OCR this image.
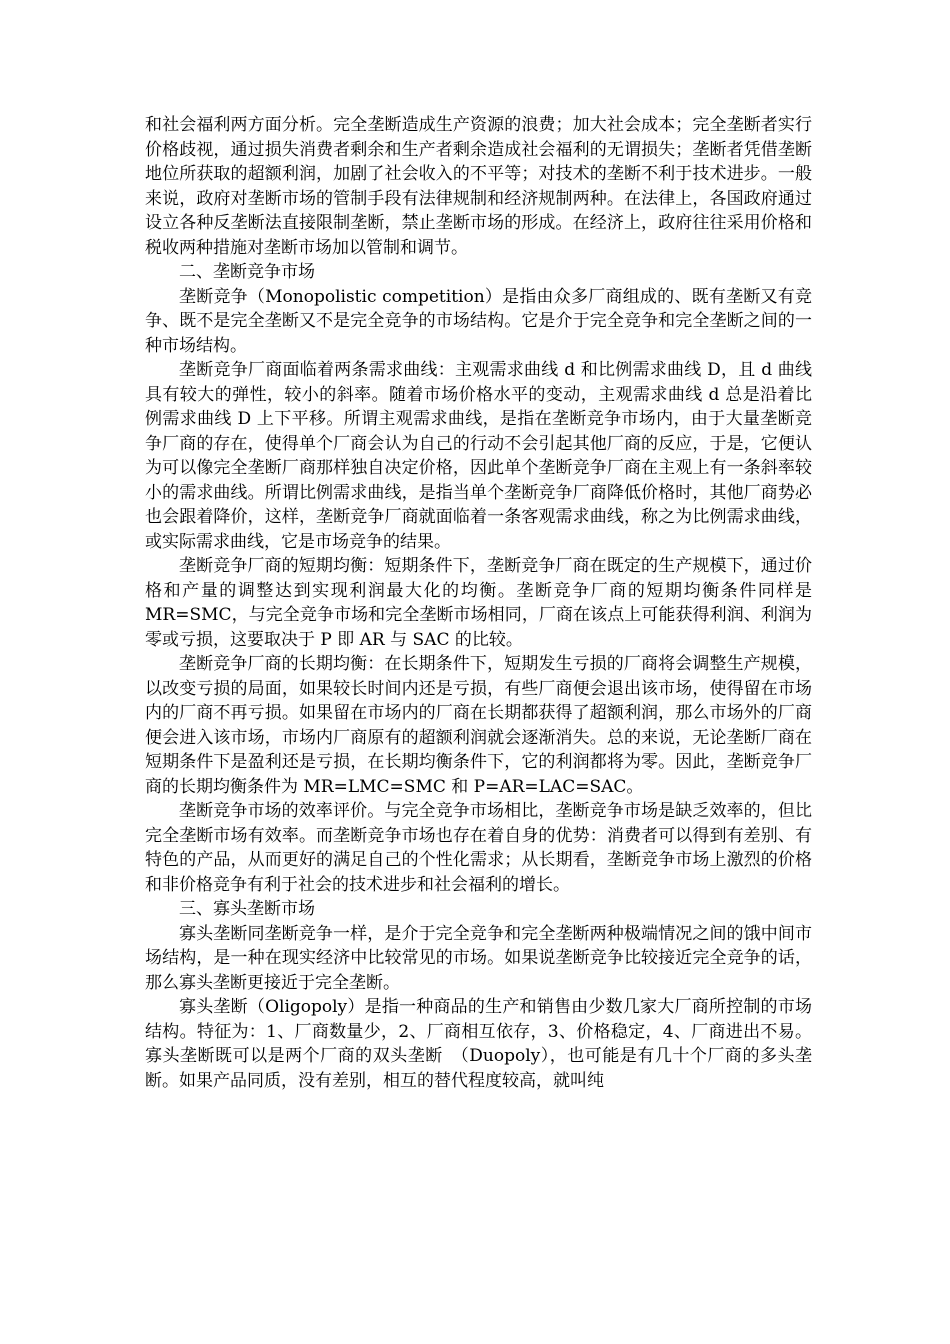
和社会福利两方面分析。完全垄断造成生产资源的浪费；加大社会成本；完全垄断者实行价格歧视，通过损失消费者剩余和生产者剩余造成社会福利的无谓损失；垄断者凭借垄断地位所获取的超额利润，加剧了社会收入的不平等；对技术的垄断不利于技术进步。一般来说，政府对垄断市场的管制手段有法律规制和经济规制两种。在法律上，各国政府通过设立各种反垄断法直接限制垄断，禁止垄断市场的形成。在经济上，政府往往采用价格和税收两种措施对垄断市场加以管制和调节。

二、垄断竞争市场

垄断竞争（Monopolistic competition）是指由众多厂商组成的、既有垄断又有竞争、既不是完全垄断又不是完全竞争的市场结构。它是介于完全竞争和完全垄断之间的一种市场结构。

垄断竞争厂商面临着两条需求曲线：主观需求曲线 d 和比例需求曲线 D，且 d 曲线具有较大的弹性，较小的斜率。随着市场价格水平的变动，主观需求曲线 d 总是沿着比例需求曲线 D 上下平移。所谓主观需求曲线，是指在垄断竞争市场内，由于大量垄断竞争厂商的存在，使得单个厂商会认为自己的行动不会引起其他厂商的反应，于是，它便认为可以像完全垄断厂商那样独自决定价格，因此单个垄断竞争厂商在主观上有一条斜率较小的需求曲线。所谓比例需求曲线，是指当单个垄断竞争厂商降低价格时，其他厂商势必也会跟着降价，这样，垄断竞争厂商就面临着一条客观需求曲线，称之为比例需求曲线，或实际需求曲线，它是市场竞争的结果。

垄断竞争厂商的短期均衡：短期条件下，垄断竞争厂商在既定的生产规模下，通过价格和产量的调整达到实现利润最大化的均衡。垄断竞争厂商的短期均衡条件同样是 MR=SMC，与完全竞争市场和完全垄断市场相同，厂商在该点上可能获得利润、利润为零或亏损，这要取决于 P 即 AR 与 SAC 的比较。

垄断竞争厂商的长期均衡：在长期条件下，短期发生亏损的厂商将会调整生产规模，以改变亏损的局面，如果较长时间内还是亏损，有些厂商便会退出该市场，使得留在市场内的厂商不再亏损。如果留在市场内的厂商在长期都获得了超额利润，那么市场外的厂商便会进入该市场，市场内厂商原有的超额利润就会逐渐消失。总的来说，无论垄断厂商在短期条件下是盈利还是亏损，在长期均衡条件下，它的利润都将为零。因此，垄断竞争厂商的长期均衡条件为 MR=LMC=SMC 和 P=AR=LAC=SAC。

垄断竞争市场的效率评价。与完全竞争市场相比，垄断竞争市场是缺乏效率的，但比完全垄断市场有效率。而垄断竞争市场也存在着自身的优势：消费者可以得到有差别、有特色的产品，从而更好的满足自己的个性化需求；从长期看，垄断竞争市场上激烈的价格和非价格竞争有利于社会的技术进步和社会福利的增长。

三、寡头垄断市场

寡头垄断同垄断竞争一样，是介于完全竞争和完全垄断两种极端情况之间的饿中间市场结构，是一种在现实经济中比较常见的市场。如果说垄断竞争比较接近完全竞争的话，那么寡头垄断更接近于完全垄断。

寡头垄断（Oligopoly）是指一种商品的生产和销售由少数几家大厂商所控制的市场结构。特征为：1、厂商数量少，2、厂商相互依存，3、价格稳定，4、厂商进出不易。寡头垄断既可以是两个厂商的双头垄断　（Duopoly），也可能是有几十个厂商的多头垄断。如果产品同质，没有差别，相互的替代程度较高，就叫纯
